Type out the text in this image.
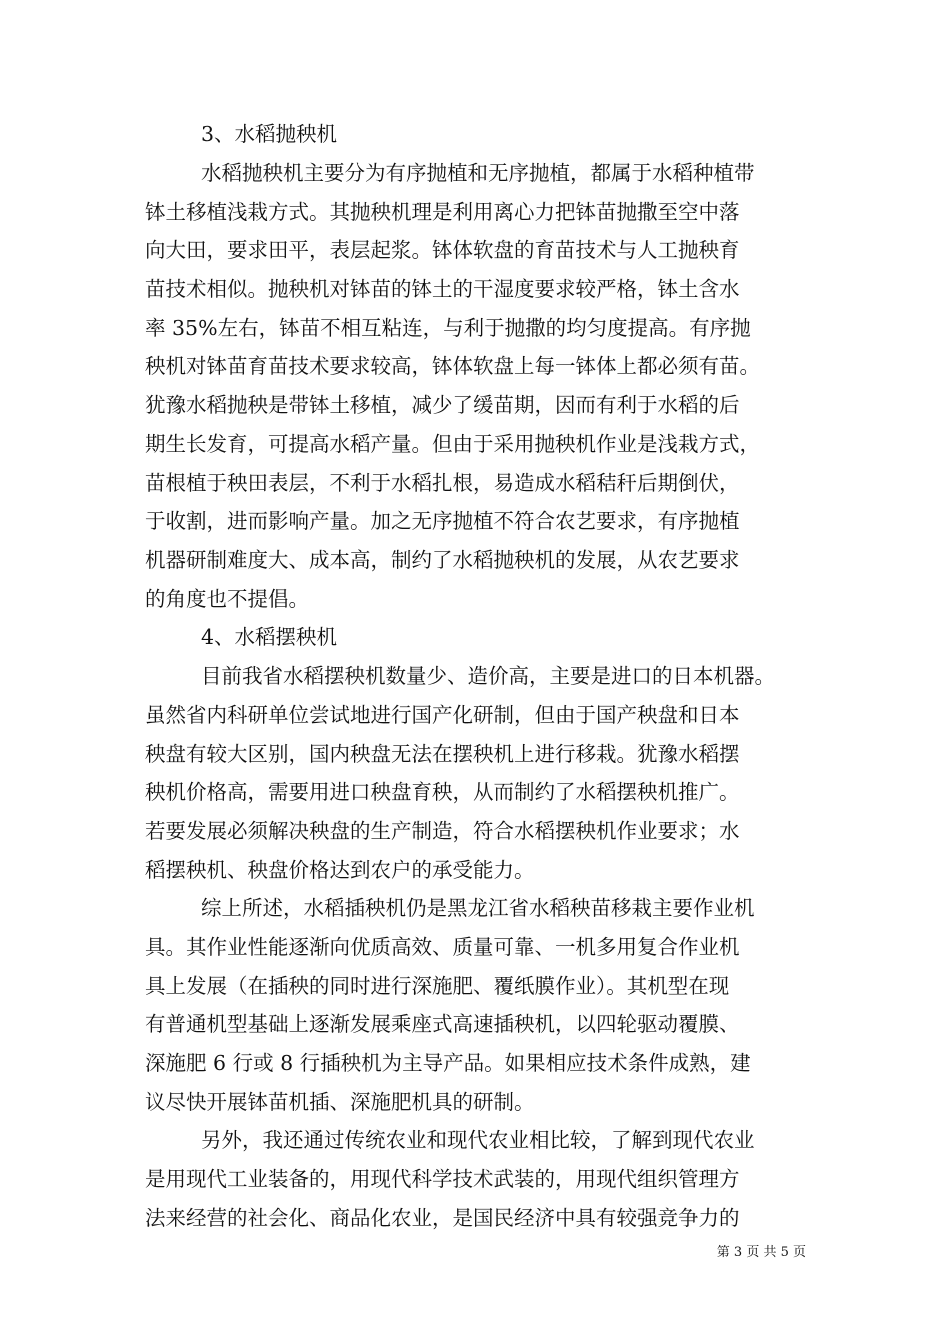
3、水稻抛秧机
水稻抛秧机主要分为有序抛植和无序抛植，都属于水稻种植带
钵土移植浅栽方式。其抛秧机理是利用离心力把钵苗抛撒至空中落
向大田，要求田平，表层起浆。钵体软盘的育苗技术与人工抛秧育
苗技术相似。抛秧机对钵苗的钵土的干湿度要求较严格，钵土含水
率 35%左右，钵苗不相互粘连，与利于抛撒的均匀度提高。有序抛
秧机对钵苗育苗技术要求较高，钵体软盘上每一钵体上都必须有苗。
犹豫水稻抛秧是带钵土移植，减少了缓苗期，因而有利于水稻的后
期生长发育，可提高水稻产量。但由于采用抛秧机作业是浅栽方式，
苗根植于秧田表层，不利于水稻扎根，易造成水稻秸秆后期倒伏，
于收割，进而影响产量。加之无序抛植不符合农艺要求，有序抛植
机器研制难度大、成本高，制约了水稻抛秧机的发展，从农艺要求
的角度也不提倡。
4、水稻摆秧机
目前我省水稻摆秧机数量少、造价高，主要是进口的日本机器。
虽然省内科研单位尝试地进行国产化研制，但由于国产秧盘和日本
秧盘有较大区别，国内秧盘无法在摆秧机上进行移栽。犹豫水稻摆
秧机价格高，需要用进口秧盘育秧，从而制约了水稻摆秧机推广。
若要发展必须解决秧盘的生产制造，符合水稻摆秧机作业要求；水
稻摆秧机、秧盘价格达到农户的承受能力。
综上所述，水稻插秧机仍是黑龙江省水稻秧苗移栽主要作业机
具。其作业性能逐渐向优质高效、质量可靠、一机多用复合作业机
具上发展（在插秧的同时进行深施肥、覆纸膜作业）。其机型在现
有普通机型基础上逐渐发展乘座式高速插秧机，以四轮驱动覆膜、
深施肥 6 行或 8 行插秧机为主导产品。如果相应技术条件成熟，建
议尽快开展钵苗机插、深施肥机具的研制。
另外，我还通过传统农业和现代农业相比较，了解到现代农业
是用现代工业装备的，用现代科学技术武装的，用现代组织管理方
法来经营的社会化、商品化农业，是国民经济中具有较强竞争力的
第 3 页 共 5 页
